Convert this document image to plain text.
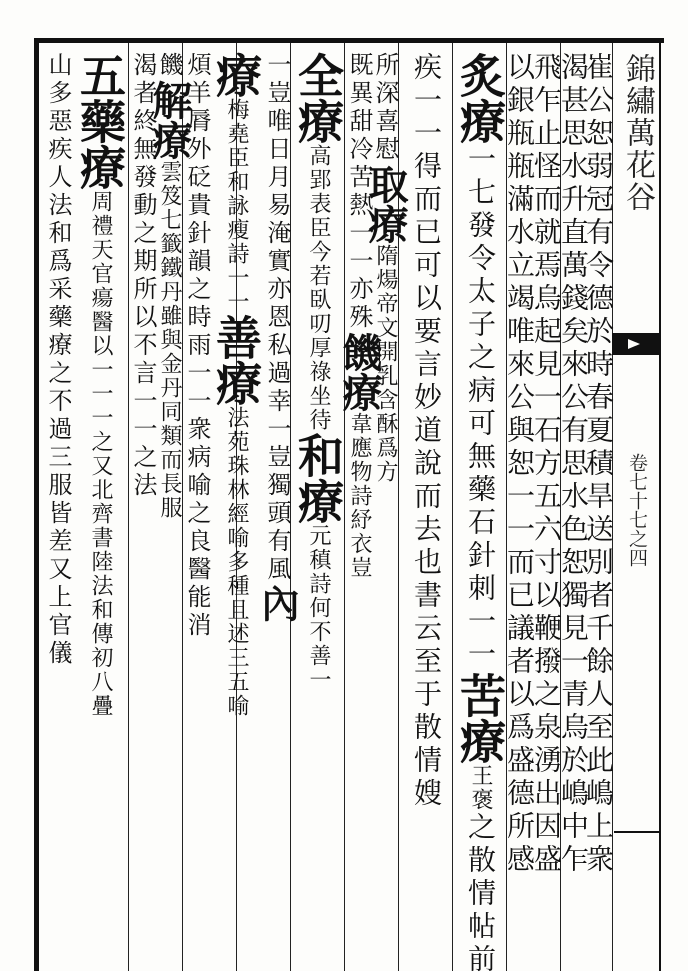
錦繡萬花谷
卷七十七之四
崔公恕弱冠有令德於時春夏積旱送別者千餘人至此嶋上衆
渴甚思水升直萬錢矣來公有思水色恕獨見一青烏於嶋中乍
飛乍止怪而就焉烏起見一石方五六寸以鞭撥之泉湧出因盛
以銀瓶瓶滿水立竭唯來公與恕一一而已議者以爲盛德所感
炙療一七發令太子之病可無藥石針刺一一苦療王褒之散情帖前
疾一一得而已可以要言妙道說而去也書云至于散情嫂
所深喜慰取療隋煬帝文開乳含酥爲方
既異甜冷苦熱一一亦殊饑療韋應物詩紓衣豈
全療高郢表臣今若臥叨厚祿坐待和療元稹詩何不善一
一豈唯日月易淹實亦恩私過幸一豈獨頭有風內
療梅堯臣和詠瘦詩一一善療法苑珠林經喻多種且述三五喻
煩羊脣外砭貴針韻之時雨一一衆病喻之良醫能消
饑解療雲笈七籤鐵丹雖與金丹同類而長服
渴者終無發動之期所以不言一一之法
五藥療周禮天官瘍醫以一一一之又北齊書陸法和傳初八疊
山多惡疾人法和爲采藥療之不過三服皆差又上官儀
